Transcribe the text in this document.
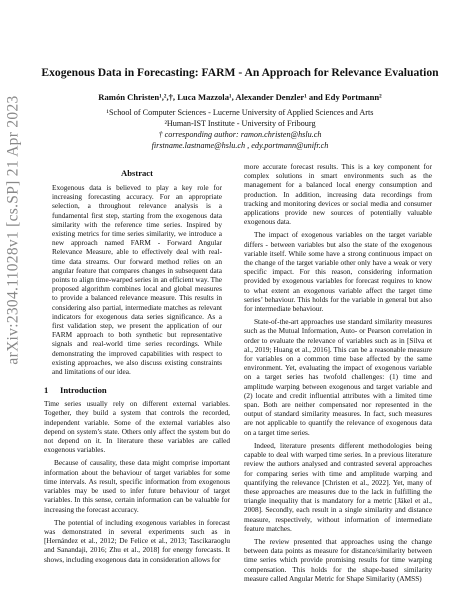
arXiv:2304.11028v1 [cs.SP] 21 Apr 2023
Exogenous Data in Forecasting: FARM - An Approach for Relevance Evaluation
Ramón Christen¹,²,†, Luca Mazzola¹, Alexander Denzler¹ and Edy Portmann²
¹School of Computer Sciences - Lucerne University of Applied Sciences and Arts
²Human-IST Institute - University of Fribourg
† corresponding author: ramon.christen@hslu.ch
firstname.lastname@hslu.ch , edy.portmann@unifr.ch
Abstract

Exogenous data is believed to play a key role for increasing forecasting accuracy. For an appropriate selection, a throughout relevance analysis is a fundamental first step, starting from the exogenous data similarity with the reference time series. Inspired by existing metrics for time series similarity, we introduce a new approach named FARM - Forward Angular Relevance Measure, able to effectively deal with real-time data streams. Our forward method relies on an angular feature that compares changes in subsequent data points to align time-warped series in an efficient way. The proposed algorithm combines local and global measures to provide a balanced relevance measure. This results in considering also partial, intermediate matches as relevant indicators for exogenous data series significance. As a first validation step, we present the application of our FARM approach to both synthetic but representative signals and real-world time series recordings. While demonstrating the improved capabilities with respect to existing approaches, we also discuss existing constraints and limitations of our idea.

1 Introduction

Time series usually rely on different external variables. Together, they build a system that controls the recorded, independent variable. Some of the external variables also depend on system’s state. Others only affect the system but do not depend on it. In literature these variables are called exogenous variables.

Because of causality, these data might comprise important information about the behaviour of target variables for some time intervals. As result, specific information from exogenous variables may be used to infer future behaviour of target variables. In this sense, certain information can be valuable for increasing the forecast accuracy.

The potential of including exogenous variables in forecast was demonstrated in several experiments such as in [Hernández et al., 2012; De Felice et al., 2013; Tascikaraoglu and Sanandaji, 2016; Zhu et al., 2018] for energy forecasts. It shows, including exogenous data in consideration allows for

more accurate forecast results. This is a key component for complex solutions in smart environments such as the management for a balanced local energy consumption and production. In addition, increasing data recordings from tracking and monitoring devices or social media and consumer applications provide new sources of potentially valuable exogenous data.

The impact of exogenous variables on the target variable differs - between variables but also the state of the exogenous variable itself. While some have a strong continuous impact on the change of the target variable other only have a weak or very specific impact. For this reason, considering information provided by exogenous variables for forecast requires to know to what extent an exogenous variable affect the target time series’ behaviour. This holds for the variable in general but also for intermediate behaviour.

State-of-the-art approaches use standard similarity measures such as the Mutual Information, Auto- or Pearson correlation in order to evaluate the relevance of variables such as in [Silva et al., 2019; Huang et al., 2016]. This can be a reasonable measure for variables on a common time base affected by the same environment. Yet, evaluating the impact of exogenous variable on a target series has twofold challenges: (1) time and amplitude warping between exogenous and target variable and (2) locate and credit influential attributes with a limited time span. Both are neither compensated nor represented in the output of standard similarity measures. In fact, such measures are not applicable to quantify the relevance of exogenous data on a target time series.

Indeed, literature presents different methodologies being capable to deal with warped time series. In a previous literature review the authors analysed and contrasted several approaches for comparing series with time and amplitude warping and quantifying the relevance [Christen et al., 2022]. Yet, many of these approaches are measures due to the lack in fulfilling the triangle inequality that is mandatory for a metric [Jäkel et al., 2008]. Secondly, each result in a single similarity and distance measure, respectively, without information of intermediate feature matches.

The review presented that approaches using the change between data points as measure for distance/similarity between time series which provide promising results for time warping compensation. This holds for the shape-based similarity measure called Angular Metric for Shape Similarity (AMSS)
